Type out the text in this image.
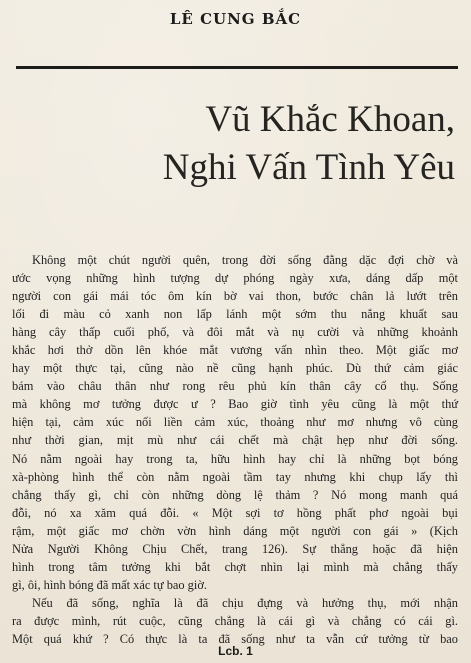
LÊ CUNG BẮC
Vũ Khắc Khoan,
Nghi Vấn Tình Yêu

Không một chút người quên, trong đời sống đằng dặc đợi chờ và

ước vọng những hình tượng dự phóng ngày xưa, dáng dấp một

người con gái mái tóc ôm kín bờ vai thon, bước chân lả lướt trên

lối đi màu cỏ xanh non lấp lánh một sớm thu nắng khuất sau

hàng cây thấp cuối phố, và đôi mắt và nụ cười và những khoảnh

khắc hơi thở dồn lên khóe mắt vương vấn nhìn theo. Một giấc mơ

hay một thực tại, cũng nào nề cũng hạnh phúc. Dù thứ cảm giác

bám vào châu thân như rong rêu phủ kín thân cây cổ thụ. Sống

mà không mơ tưởng được ư ? Bao giờ tình yêu cũng là một thứ

hiện tại, cảm xúc nối liền cảm xúc, thoảng như mơ nhưng vô cùng

như thời gian, mịt mù như cái chết mà chật hẹp như đời sống.

Nó nằm ngoài hay trong ta, hữu hình hay chỉ là những bọt bóng

xà-phòng hình thể còn nằm ngoài tầm tay nhưng khi chụp lấy thì

chẳng thấy gì, chỉ còn những dòng lệ thảm ? Nó mong manh quá

đỗi, nó xa xăm quá đỗi. « Một sợi tơ hồng phất phơ ngoài bụi

rậm, một giấc mơ chờn vờn hình dáng một người con gái » (Kịch

Nửa Người Không Chịu Chết, trang 126). Sự thẳng hoặc đã hiện

hình trong tâm tưởng khi bắt chợt nhìn lại mình mà chẳng thấy

gì, ôi, hình bóng đã mất xác tự bao giờ.

Nếu đã sống, nghĩa là đã chịu đựng và hưởng thụ, mới nhận

ra được mình, rút cuộc, cũng chẳng là cái gì và chẳng có cái gì.

Một quá khứ ? Có thực là ta đã sống như ta vẫn cứ tưởng từ bao

Lcb. 1
